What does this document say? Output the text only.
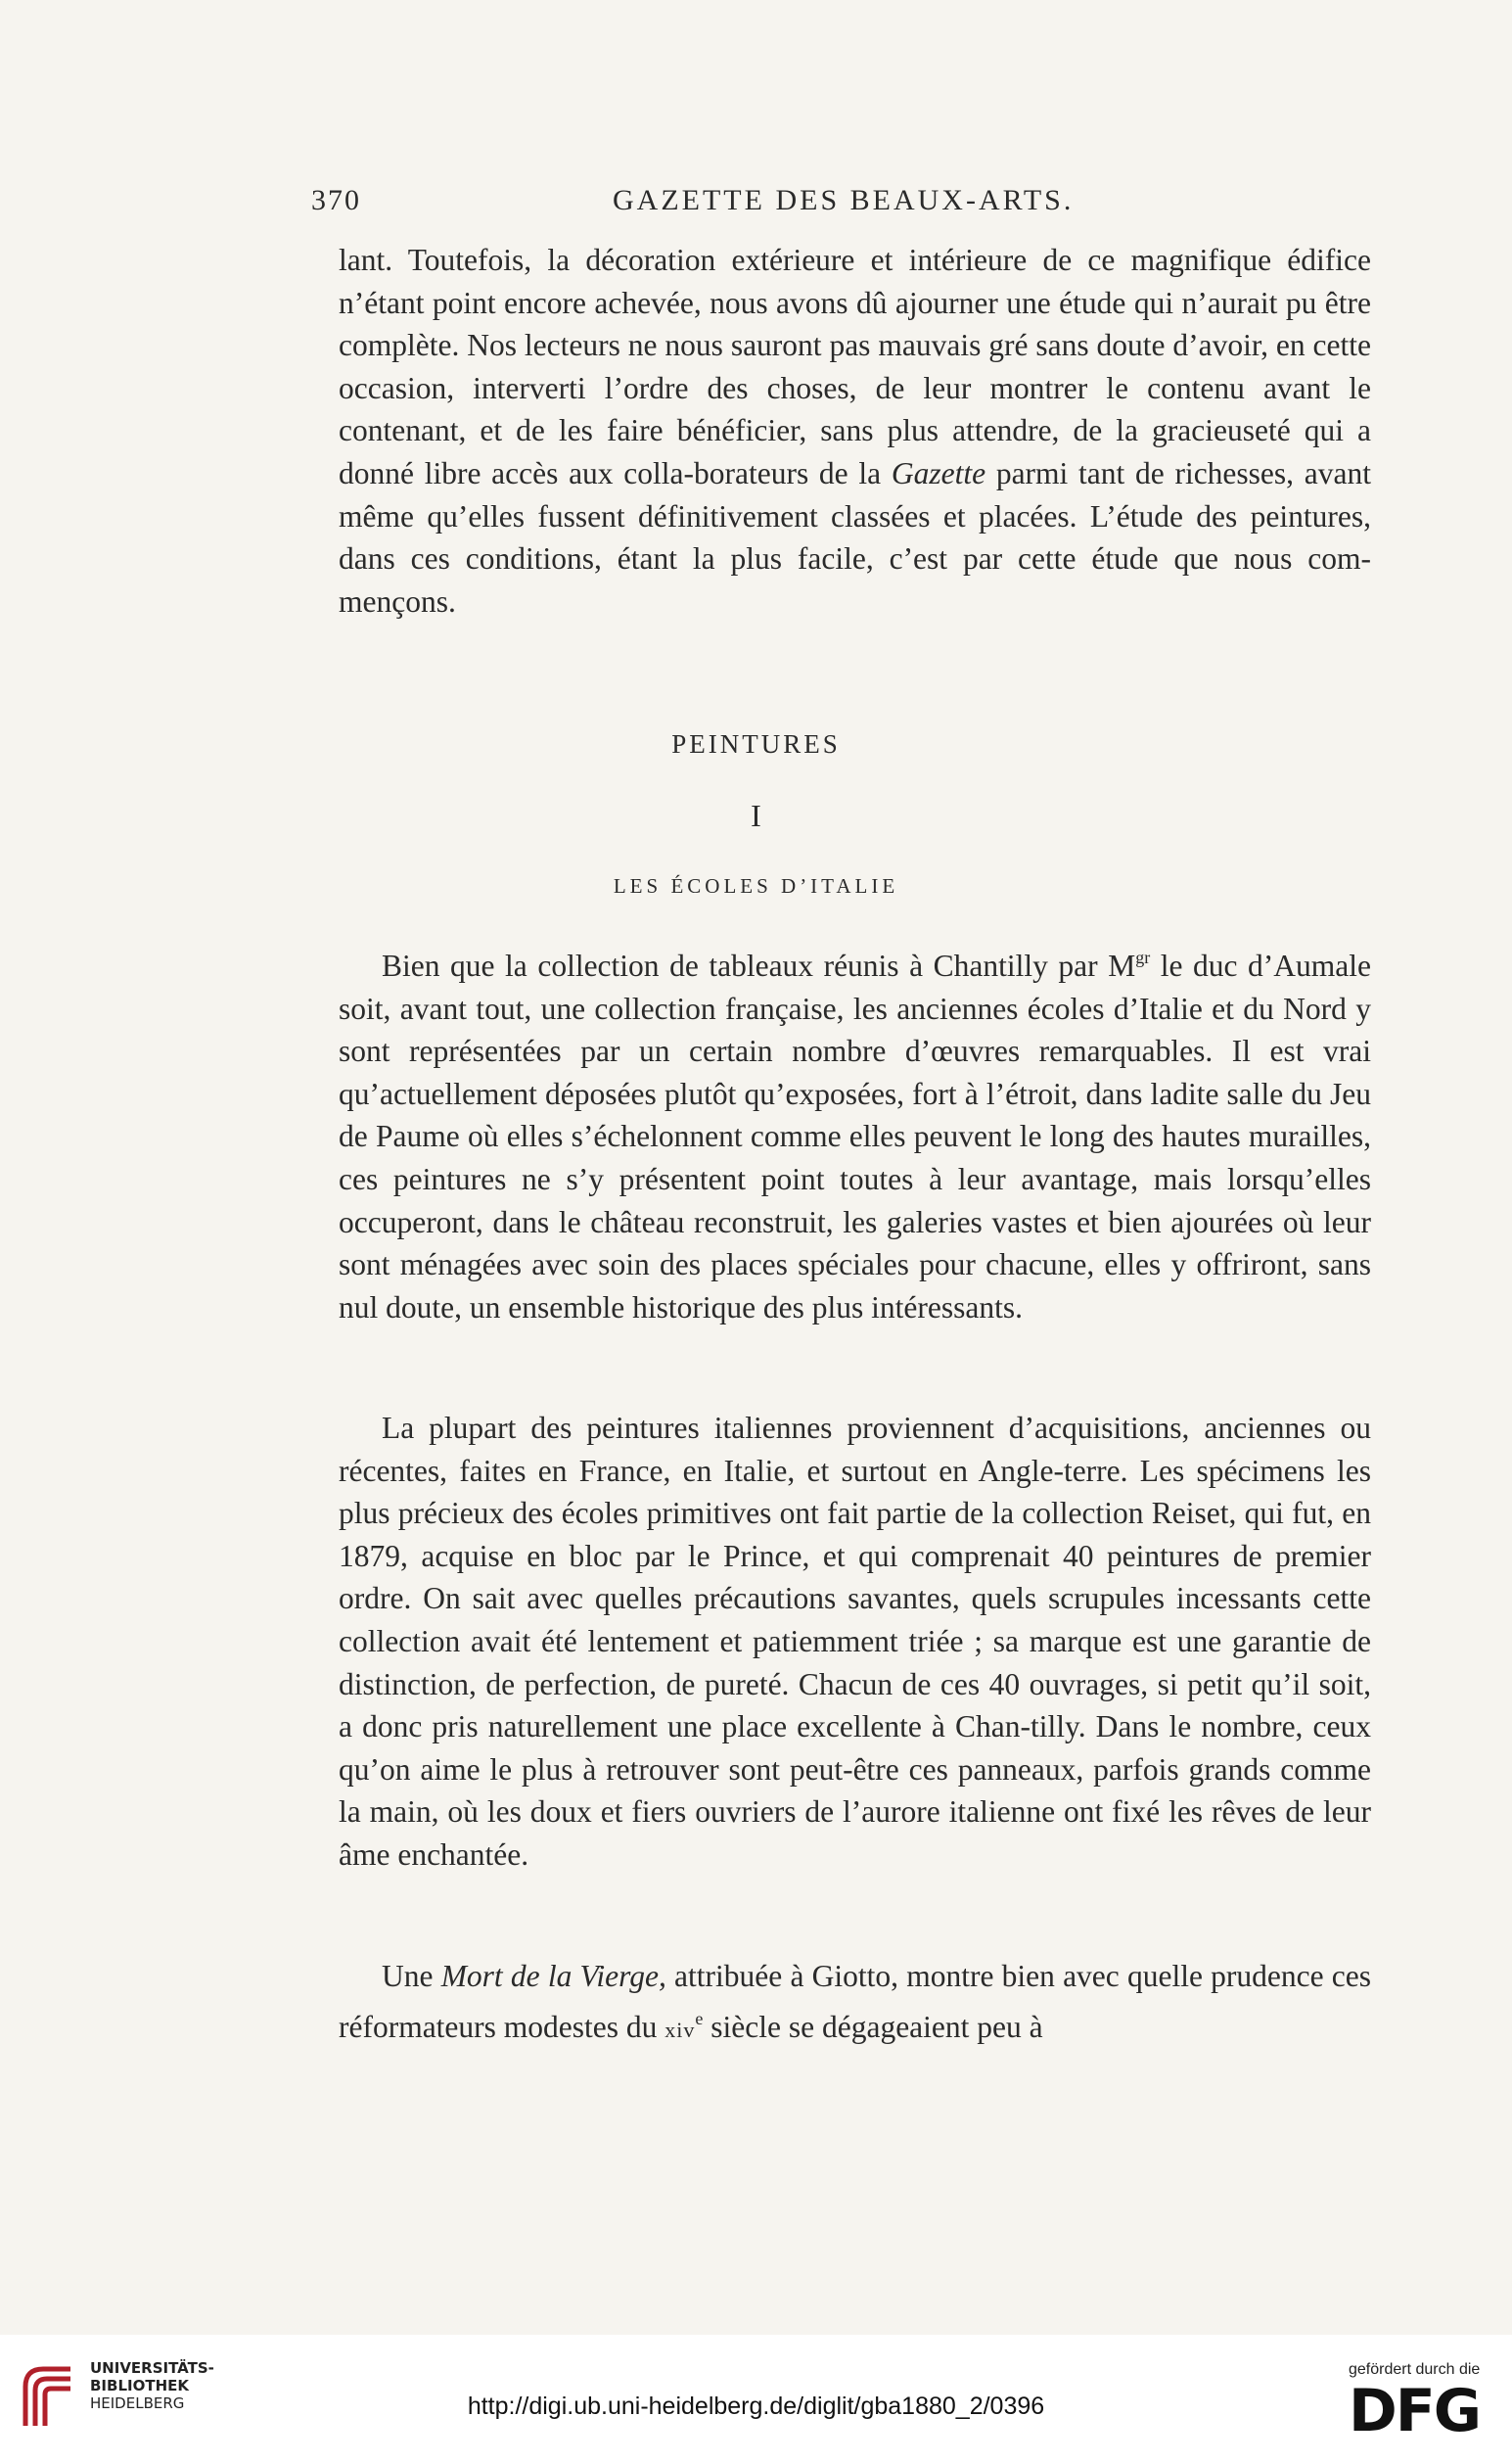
370	GAZETTE DES BEAUX-ARTS.

lant. Toutefois, la décoration extérieure et intérieure de ce magnifique édifice n’étant point encore achevée, nous avons dû ajourner une étude qui n’aurait pu être complète. Nos lecteurs ne nous sauront pas mauvais gré sans doute d’avoir, en cette occasion, interverti l’ordre des choses, de leur montrer le contenu avant le contenant, et de les faire bénéficier, sans plus attendre, de la gracieuseté qui a donné libre accès aux colla-borateurs de la Gazette parmi tant de richesses, avant même qu’elles fussent définitivement classées et placées. L’étude des peintures, dans ces conditions, étant la plus facile, c’est par cette étude que nous com-mençons.

PEINTURES
I
LES ÉCOLES D’ITALIE

Bien que la collection de tableaux réunis à Chantilly par $M^{gr}$ le duc d’Aumale soit, avant tout, une collection française, les anciennes écoles d’Italie et du Nord y sont représentées par un certain nombre d’œuvres remarquables. Il est vrai qu’actuellement déposées plutôt qu’exposées, fort à l’étroit, dans ladite salle du Jeu de Paume où elles s’échelonnent comme elles peuvent le long des hautes murailles, ces peintures ne s’y présentent point toutes à leur avantage, mais lorsqu’elles occuperont, dans le château reconstruit, les galeries vastes et bien ajourées où leur sont ménagées avec soin des places spéciales pour chacune, elles y offriront, sans nul doute, un ensemble historique des plus intéressants.

La plupart des peintures italiennes proviennent d’acquisitions, anciennes ou récentes, faites en France, en Italie, et surtout en Angle-terre. Les spécimens les plus précieux des écoles primitives ont fait partie de la collection Reiset, qui fut, en 1879, acquise en bloc par le Prince, et qui comprenait 40 peintures de premier ordre. On sait avec quelles précautions savantes, quels scrupules incessants cette collection avait été lentement et patiemment triée ; sa marque est une garantie de distinction, de perfection, de pureté. Chacun de ces 40 ouvrages, si petit qu’il soit, a donc pris naturellement une place excellente à Chan-tilly. Dans le nombre, ceux qu’on aime le plus à retrouver sont peut-être ces panneaux, parfois grands comme la main, où les doux et fiers ouvriers de l’aurore italienne ont fixé les rêves de leur âme enchantée.

Une Mort de la Vierge, attribuée à Giotto, montre bien avec quelle prudence ces réformateurs modestes du xiv$^e$ siècle se dégageaient peu à

UNIVERSITÄTS-
BIBLIOTHEK
HEIDELBERG	http://digi.ub.uni-heidelberg.de/diglit/gba1880_2/0396
gefördert durch die
DFG
